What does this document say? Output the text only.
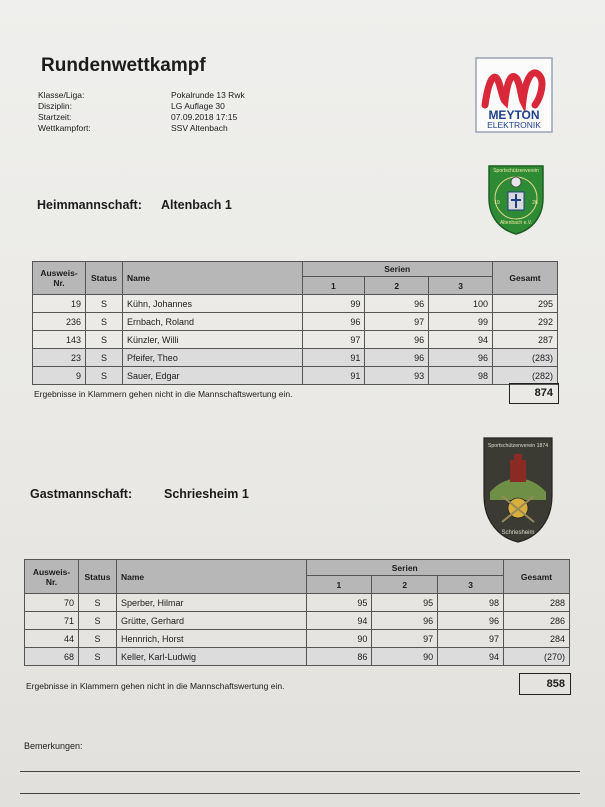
Rundenwettkampf
Klasse/Liga:	Pokalrunde 13 Rwk
Disziplin:	LG Auflage 30
Startzeit:	07.09.2018 17:15
Wettkampfort:	SSV Altenbach
MEYTON
ELEKTRONIK
Sportschützenverein
19	26
Altenbach e.V.
Heimmannschaft:	Altenbach 1
Ausweis-
Nr.	Status	Name	Serien			Gesamt
			1	2	3	
19	S	Kühn, Johannes	99	96	100	295
236	S	Ernbach, Roland	96	97	99	292
143	S	Künzler, Willi	97	96	94	287
23	S	Pfeifer, Theo	91	96	96	(283)
9	S	Sauer, Edgar	91	93	98	(282)
Ergebnisse in Klammern gehen nicht in die Mannschaftswertung ein.	874
Sportschützenverein 1874
Schriesheim
Gastmannschaft:	Schriesheim 1
Ausweis-
Nr.	Status	Name	Serien			Gesamt
			1	2	3	
70	S	Sperber, Hilmar	95	95	98	288
71	S	Grütte, Gerhard	94	96	96	286
44	S	Hennrich, Horst	90	97	97	284
68	S	Keller, Karl-Ludwig	86	90	94	(270)
Ergebnisse in Klammern gehen nicht in die Mannschaftswertung ein.	858
Bemerkungen:
